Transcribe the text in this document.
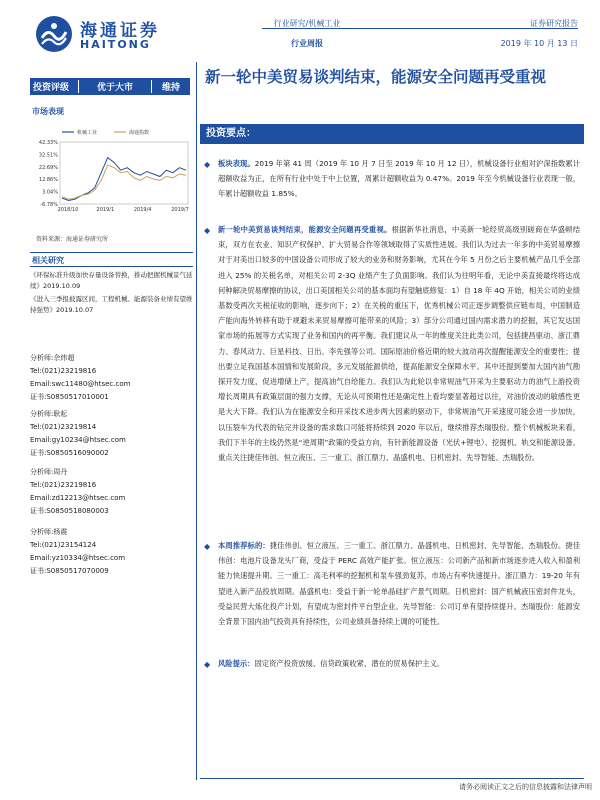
海通证券
HAITONG
行业研究/机械工业	证券研究报告
行业周报	2019 年 10 月 13 日
投资评级	优于大市	维持
市场表现
42.33%
32.51%
22.69%
12.86%
3.04%
-6.78%
2018/10	2019/1	2019/4	2019/7
机械工业	海通指数
资料来源：海通证券研究所
相关研究
《环保标准升级加快存量设备替换，推动把握机械景气延续》2019.10.09
《进入三季报披露区间，工程机械、能源装备业绩有望维持强势》2019.10.07
分析师:佘炜超
Tel:(021)23219816
Email:swc11480@htsec.com
证书:S0850517010001
分析师:耿耘
Tel:(021)23219814
Email:gy10234@htsec.com
证书:S0850516090002
分析师:周丹
Tel:(021)23219816
Email:zd12213@htsec.com
证书:S0850518080003
分析师:杨震
Tel:(021)23154124
Email:yz10334@htsec.com
证书:S0850517070009
新一轮中美贸易谈判结束，能源安全问题再受重视
投资要点：
◆	板块表现。2019 年第 41 周（2019 年 10 月 7 日至 2019 年 10 月 12 日），机械设备行业相对沪深指数累计超额收益为正，在所有行业中处于中上位置，周累计超额收益为 0.47%。2019 年至今机械设备行业表现一般，年累计超额收益 1.85%。
◆	新一轮中美贸易谈判结束，能源安全问题再受重视。根据新华社消息，中美新一轮经贸高级别磋商在华盛顿结束，双方在农业、知识产权保护、扩大贸易合作等领域取得了实质性进展。我们认为过去一年多的中美贸易摩擦对于对美出口较多的中国设备公司形成了较大的业务和财务影响，尤其在今年 5 月份之后主要机械产品几乎全部进入 25% 的关税名单，对相关公司 2-3Q 业绩产生了负面影响。我们认为往明年看，无论中美直接最终将达成何种解决贸易摩擦的协议，出口美国相关公司的基本面均有望触底修复：1）自 18 年 4Q 开始，相关公司的业绩基数受两次关税征收的影响，逐步向下；2）在关税的重压下，优秀机械公司正逐步调整供应链布局，中国制造产能向海外转移有助于规避未来贸易摩擦可能带来的风险；3）部分公司通过国内需求潜力的挖掘，其它发达国家市场的拓展等方式实现了业务和国内的再平衡。我们建议从一年的维度关注此类公司，包括捷昌驱动、浙江鼎力、春风动力、巨星科技、日出、李先强等公司。国际原油价格近期的较大波动再次提醒能源安全的重要性；提出要立足我国基本国情和发展阶段，多元发展能源供给，提高能源安全保障水平。其中还提到要加大国内油气勘探开发力度，促进增储上产，提高油气自给能力。我们认为此轮以非常规油气开采为主要驱动力的油气上游投资增长周期具有政策层面的强力支撑，无论从可预期性还是确定性上看均要显著超过以往，对油价波动的敏感性更是大大下降。我们认为在能源安全和开采技术进步两大因素的驱动下，非常规油气开采速度可能会进一步加快，以压裂车为代表的钻完井设备的需求数口可能将持续到 2020 年以后，继续推荐杰瑞股份。整个机械板块来看，我们下半年的主线仍然是“逆周期”政策的受益方向，有针新能源设备（光伏+锂电）、挖掘机、轨交和能源设备。重点关注捷佳伟创、恒立液压、三一重工、浙江鼎力、晶盛机电、日机密封、先导智能、杰瑞股份。
◆	本周推荐标的：捷佳伟创、恒立液压、三一重工、浙江鼎力、晶盛机电、日机密封、先导智能、杰瑞股份。捷佳伟创：电池片设备龙头厂商，受益于 PERC 高效产能扩张。恒立液压：公司新产品和新市场逐步进入收入和盈利能力快速提升期。三一重工：高毛利率的挖掘机和泵车强劲复苏，市场占有率快速提升。浙江鼎力：19-20 年有望进入新产品投放周期。晶盛机电：受益于新一轮单晶硅扩产景气周期。日机密封：国产机械液压密封件龙头，受益民营大炼化投产计划，有望成为密封件平台型企业。先导智能：公司订单有望持续提升。杰瑞股份：能源安全背景下国内油气投资具有持续性，公司业绩具备持续上调的可能性。
◆	风险提示：固定资产投资放缓、信贷政策收紧、潜在的贸易保护主义。
请务必阅读正文之后的信息披露和法律声明
